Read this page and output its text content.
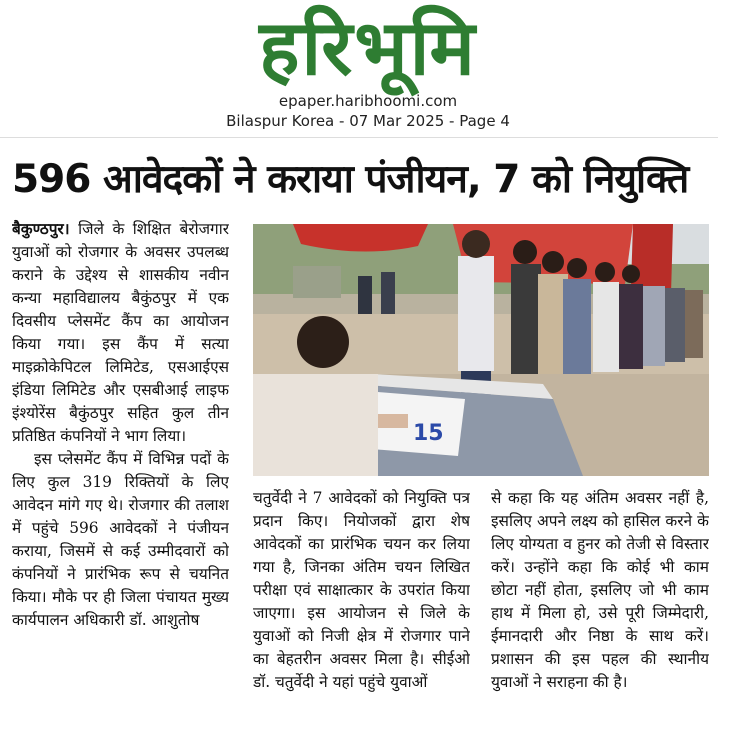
हरिभूमि
epaper.haribhoomi.com
Bilaspur Korea - 07 Mar 2025 - Page 4
596 आवेदकों ने कराया पंजीयन, 7 को नियुक्ति

बैकुण्ठपुर। जिले के शिक्षित बेरोजगार युवाओं को रोजगार के अवसर उपलब्ध कराने के उद्देश्य से शासकीय नवीन कन्या महाविद्यालय बैकुंठपुर में एक दिवसीय प्लेसमेंट कैंप का आयोजन किया गया। इस कैंप में सत्या माइक्रोकेपिटल लिमिटेड, एसआईएस इंडिया लिमिटेड और एसबीआई लाइफ इंश्योरेंस बैकुंठपुर सहित कुल तीन प्रतिष्ठित कंपनियों ने भाग लिया।

इस प्लेसमेंट कैंप में विभिन्न पदों के लिए कुल 319 रिक्तियों के लिए आवेदन मांगे गए थे। रोजगार की तलाश में पहुंचे 596 आवेदकों ने पंजीयन कराया, जिसमें से कई उम्मीदवारों को कंपनियों ने प्रारंभिक रूप से चयनित किया। मौके पर ही जिला पंचायत मुख्य कार्यपालन अधिकारी डॉ. आशुतोष

15

चतुर्वेदी ने 7 आवेदकों को नियुक्ति पत्र प्रदान किए। नियोजकों द्वारा शेष आवेदकों का प्रारंभिक चयन कर लिया गया है, जिनका अंतिम चयन लिखित परीक्षा एवं साक्षात्कार के उपरांत किया जाएगा। इस आयोजन से जिले के युवाओं को निजी क्षेत्र में रोजगार पाने का बेहतरीन अवसर मिला है। सीईओ डॉ. चतुर्वेदी ने यहां पहुंचे युवाओं

से कहा कि यह अंतिम अवसर नहीं है, इसलिए अपने लक्ष्य को हासिल करने के लिए योग्यता व हुनर को तेजी से विस्तार करें। उन्होंने कहा कि कोई भी काम छोटा नहीं होता, इसलिए जो भी काम हाथ में मिला हो, उसे पूरी जिम्मेदारी, ईमानदारी और निष्ठा के साथ करें। प्रशासन की इस पहल की स्थानीय युवाओं ने सराहना की है।
